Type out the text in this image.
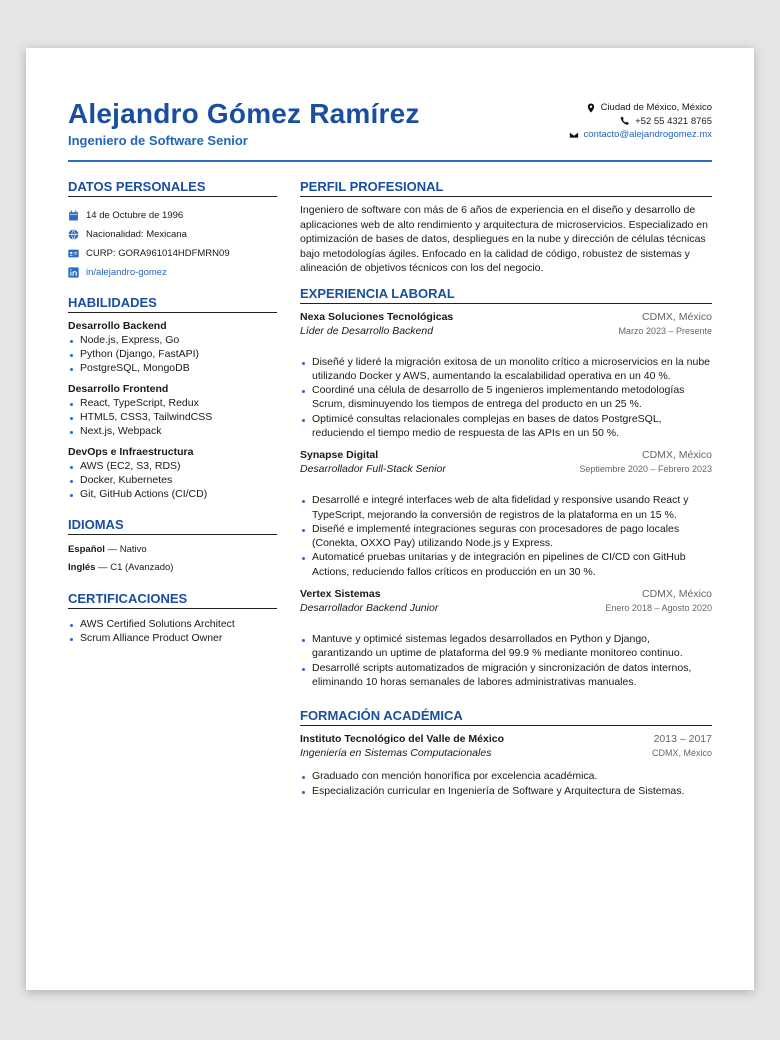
Alejandro Gómez Ramírez
Ingeniero de Software Senior
Ciudad de México, México
+52 55 4321 8765
contacto@alejandrogomez.mx
DATOS PERSONALES
14 de Octubre de 1996
Nacionalidad: Mexicana
CURP: GORA961014HDFMRN09
in/alejandro-gomez
HABILIDADES
Desarrollo Backend
Node.js, Express, Go
Python (Django, FastAPI)
PostgreSQL, MongoDB
Desarrollo Frontend
React, TypeScript, Redux
HTML5, CSS3, TailwindCSS
Next.js, Webpack
DevOps e Infraestructura
AWS (EC2, S3, RDS)
Docker, Kubernetes
Git, GitHub Actions (CI/CD)
IDIOMAS
Español — Nativo
Inglés — C1 (Avanzado)
CERTIFICACIONES
AWS Certified Solutions Architect
Scrum Alliance Product Owner
PERFIL PROFESIONAL

Ingeniero de software con más de 6 años de experiencia en el diseño y desarrollo de aplicaciones web de alto rendimiento y arquitectura de microservicios. Especializado en optimización de bases de datos, despliegues en la nube y dirección de células técnicas bajo metodologías ágiles. Enfocado en la calidad de código, robustez de sistemas y alineación de objetivos técnicos con los del negocio.

EXPERIENCIA LABORAL
Nexa Soluciones Tecnológicas	CDMX, México
Líder de Desarrollo Backend	Marzo 2023 – Presente
Diseñé y lideré la migración exitosa de un monolito crítico a microservicios en la nube utilizando Docker y AWS, aumentando la escalabilidad operativa en un 40 %.
Coordiné una célula de desarrollo de 5 ingenieros implementando metodologías Scrum, disminuyendo los tiempos de entrega del producto en un 25 %.
Optimicé consultas relacionales complejas en bases de datos PostgreSQL, reduciendo el tiempo medio de respuesta de las APIs en un 50 %.
Synapse Digital	CDMX, México
Desarrollador Full-Stack Senior	Septiembre 2020 – Febrero 2023
Desarrollé e integré interfaces web de alta fidelidad y responsive usando React y TypeScript, mejorando la conversión de registros de la plataforma en un 15 %.
Diseñé e implementé integraciones seguras con procesadores de pago locales (Conekta, OXXO Pay) utilizando Node.js y Express.
Automaticé pruebas unitarias y de integración en pipelines de CI/CD con GitHub Actions, reduciendo fallos críticos en producción en un 30 %.
Vertex Sistemas	CDMX, México
Desarrollador Backend Junior	Enero 2018 – Agosto 2020
Mantuve y optimicé sistemas legados desarrollados en Python y Django, garantizando un uptime de plataforma del 99.9 % mediante monitoreo continuo.
Desarrollé scripts automatizados de migración y sincronización de datos internos, eliminando 10 horas semanales de labores administrativas manuales.
FORMACIÓN ACADÉMICA
Instituto Tecnológico del Valle de México	2013 – 2017
Ingeniería en Sistemas Computacionales	CDMX, México
Graduado con mención honorífica por excelencia académica.
Especialización curricular en Ingeniería de Software y Arquitectura de Sistemas.
